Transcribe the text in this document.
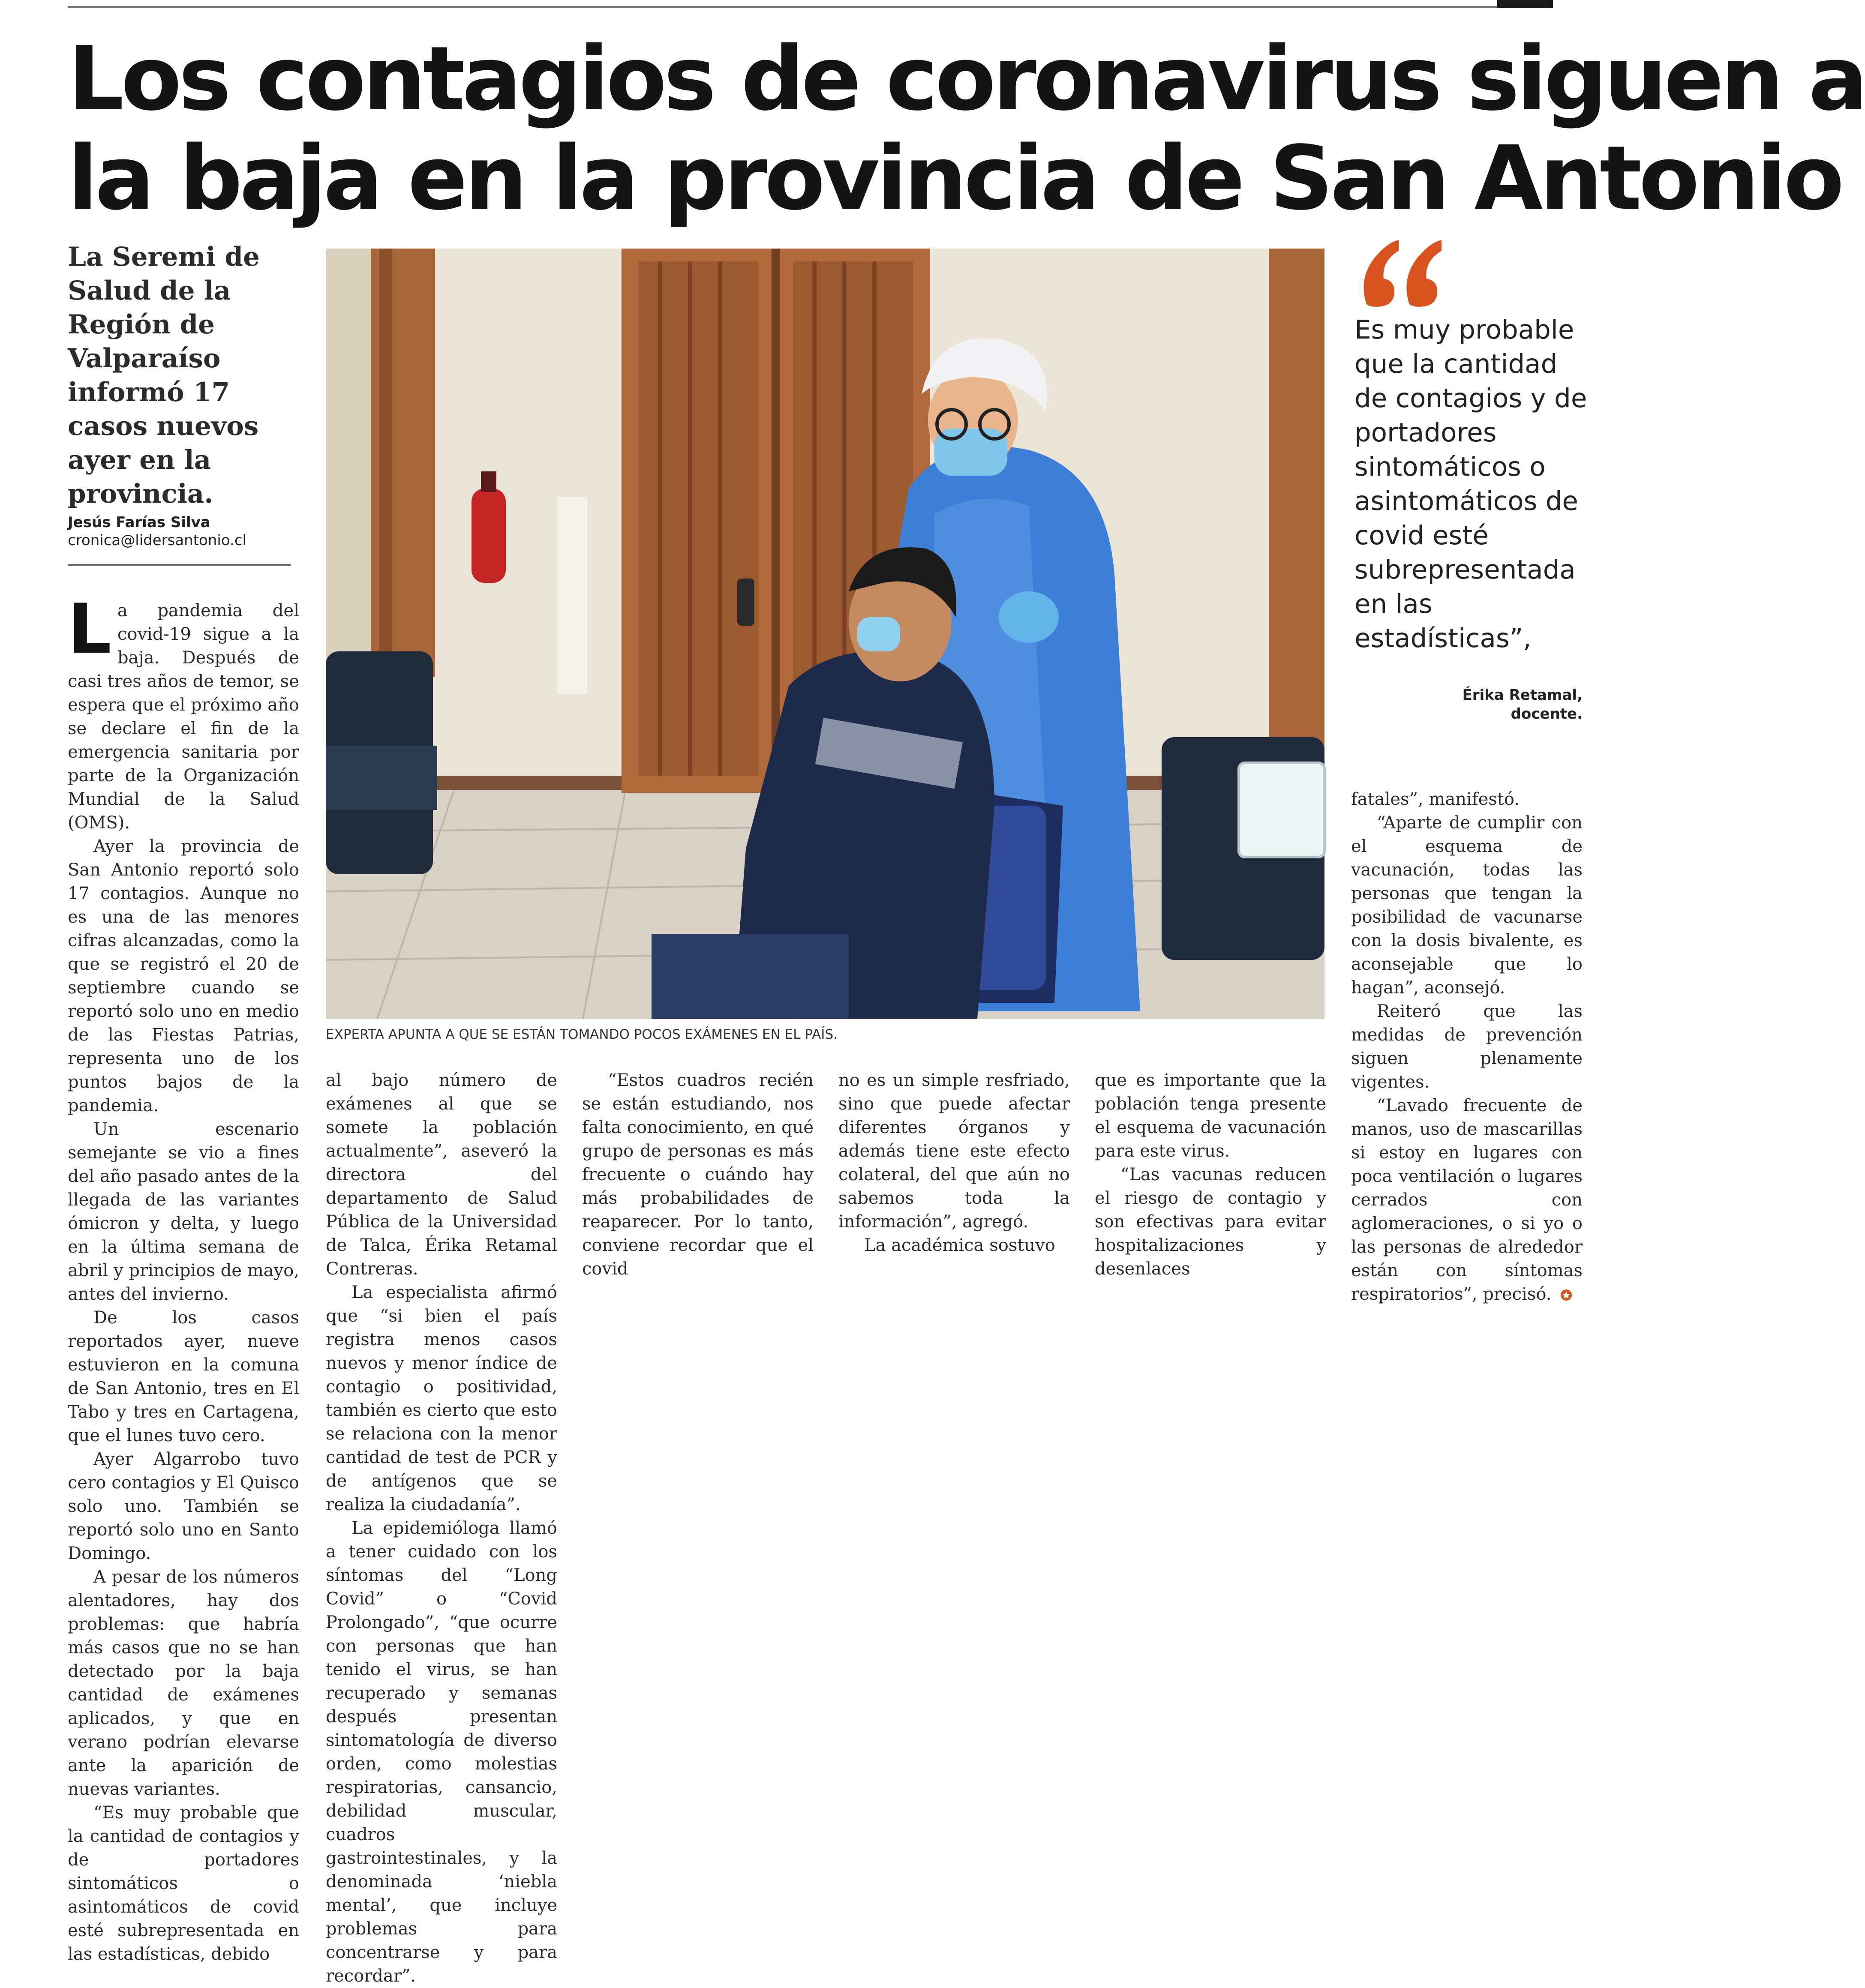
Los contagios de coronavirus siguen a
la baja en la provincia de San Antonio

La Seremi de Salud de la Región de Valparaíso informó 17 casos nuevos ayer en la provincia.

Jesús Farías Silva
cronica@lidersantonio.cl
EXPERTA APUNTA A QUE SE ESTÁN TOMANDO POCOS EXÁMENES EN EL PAÍS.

Es muy probable que la cantidad de contagios y de portadores sintomáticos o asintomáticos de covid esté subrepresentada en las estadísticas”,

Érika Retamal,
docente.

La pandemia del covid-19 sigue a la baja. Después de casi tres años de temor, se espera que el próximo año se declare el fin de la emergencia sanitaria por parte de la Organización Mundial de la Salud (OMS).

Ayer la provincia de San Antonio reportó solo 17 contagios. Aunque no es una de las menores cifras alcanzadas, como la que se registró el 20 de septiembre cuando se reportó solo uno en medio de las Fiestas Patrias, representa uno de los puntos bajos de la pandemia.

Un escenario semejante se vio a fines del año pasado antes de la llegada de las variantes ómicron y delta, y luego en la última semana de abril y principios de mayo, antes del invierno.

De los casos reportados ayer, nueve estuvieron en la comuna de San Antonio, tres en El Tabo y tres en Cartagena, que el lunes tuvo cero.

Ayer Algarrobo tuvo cero contagios y El Quisco solo uno. También se reportó solo uno en Santo Domingo.

A pesar de los números alentadores, hay dos problemas: que habría más casos que no se han detectado por la baja cantidad de exámenes aplicados, y que en verano podrían elevarse ante la aparición de nuevas variantes.

“Es muy probable que la cantidad de contagios y de portadores sintomáticos o asintomáticos de covid esté subrepresentada en las estadísticas, debido

al bajo número de exámenes al que se somete la población actualmente”, aseveró la directora del departamento de Salud Pública de la Universidad de Talca, Érika Retamal Contreras.

La especialista afirmó que “si bien el país registra menos casos nuevos y menor índice de contagio o positividad, también es cierto que esto se relaciona con la menor cantidad de test de PCR y de antígenos que se realiza la ciudadanía”.

La epidemióloga llamó a tener cuidado con los síntomas del “Long Covid” o “Covid Prolongado”, “que ocurre con personas que han tenido el virus, se han recuperado y semanas después presentan sintomatología de diverso orden, como molestias respiratorias, cansancio, debilidad muscular, cuadros gastrointestinales, y la denominada ‘niebla mental’, que incluye problemas para concentrarse y para recordar”.

“Estos cuadros recién se están estudiando, nos falta conocimiento, en qué grupo de personas es más frecuente o cuándo hay más probabilidades de reaparecer. Por lo tanto, conviene recordar que el covid

no es un simple resfriado, sino que puede afectar diferentes órganos y además tiene este efecto colateral, del que aún no sabemos toda la información”, agregó.

La académica sostuvo

que es importante que la población tenga presente el esquema de vacunación para este virus.

“Las vacunas reducen el riesgo de contagio y son efectivas para evitar hospitalizaciones y desenlaces

fatales”, manifestó.

“Aparte de cumplir con el esquema de vacunación, todas las personas que tengan la posibilidad de vacunarse con la dosis bivalente, es aconsejable que lo hagan”, aconsejó.

Reiteró que las medidas de prevención siguen plenamente vigentes.

“Lavado frecuente de manos, uso de mascarillas si estoy en lugares con poca ventilación o lugares cerrados con aglomeraciones, o si yo o las personas de alrededor están con síntomas respiratorios”, precisó.
